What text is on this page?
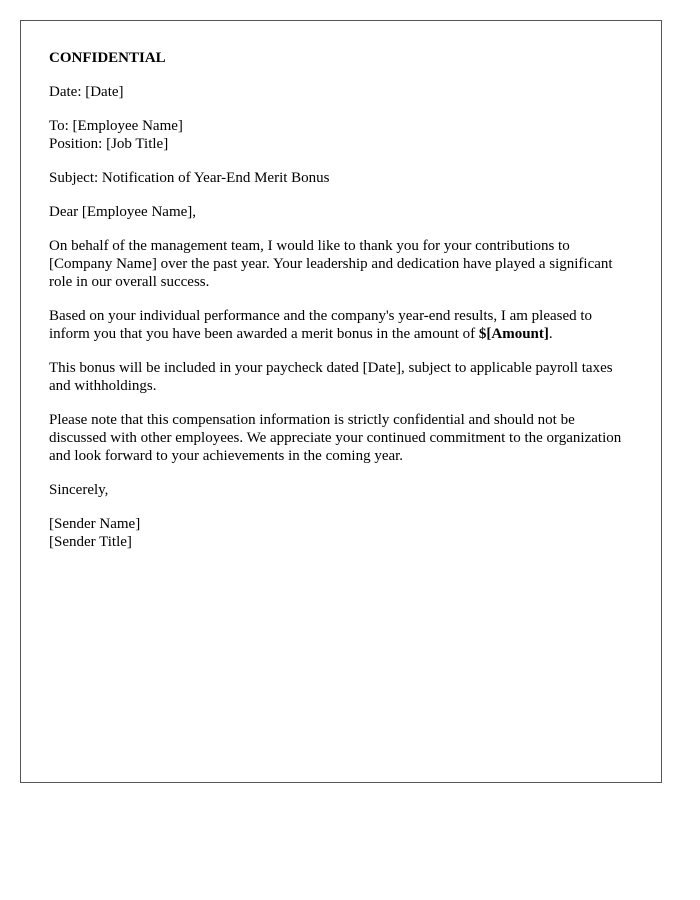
CONFIDENTIAL

Date: [Date]

To: [Employee Name]
Position: [Job Title]

Subject: Notification of Year-End Merit Bonus

Dear [Employee Name],

On behalf of the management team, I would like to thank you for your contributions to [Company Name] over the past year. Your leadership and dedication have played a significant role in our overall success.

Based on your individual performance and the company's year-end results, I am pleased to inform you that you have been awarded a merit bonus in the amount of $[Amount].

This bonus will be included in your paycheck dated [Date], subject to applicable payroll taxes and withholdings.

Please note that this compensation information is strictly confidential and should not be discussed with other employees. We appreciate your continued commitment to the organization and look forward to your achievements in the coming year.

Sincerely,

[Sender Name]
[Sender Title]
